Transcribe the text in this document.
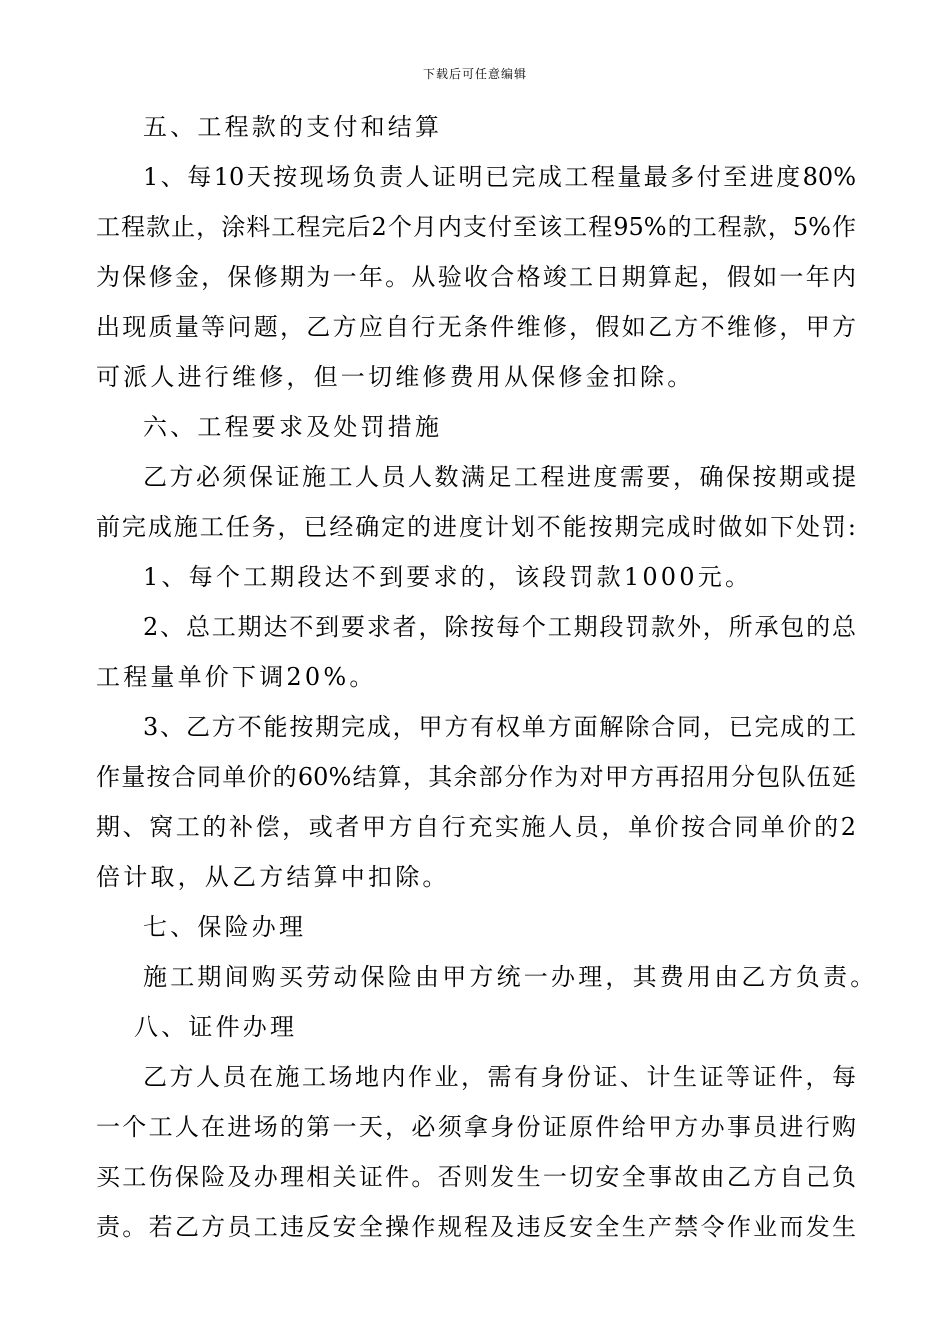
下载后可任意编辑
五、工程款的支付和结算
1、每10天按现场负责人证明已完成工程量最多付至进度80%
工程款止，涂料工程完后2个月内支付至该工程95%的工程款，5%作
为保修金，保修期为一年。从验收合格竣工日期算起，假如一年内
出现质量等问题，乙方应自行无条件维修，假如乙方不维修，甲方
可派人进行维修，但一切维修费用从保修金扣除。
六、工程要求及处罚措施
乙方必须保证施工人员人数满足工程进度需要，确保按期或提
前完成施工任务，已经确定的进度计划不能按期完成时做如下处罚:
1、每个工期段达不到要求的，该段罚款1000元。
2、总工期达不到要求者，除按每个工期段罚款外，所承包的总
工程量单价下调20%。
3、乙方不能按期完成，甲方有权单方面解除合同，已完成的工
作量按合同单价的60%结算，其余部分作为对甲方再招用分包队伍延
期、窝工的补偿，或者甲方自行充实施人员，单价按合同单价的2
倍计取，从乙方结算中扣除。
七、保险办理
施工期间购买劳动保险由甲方统一办理，其费用由乙方负责。
八、证件办理
乙方人员在施工场地内作业，需有身份证、计生证等证件，每
一个工人在进场的第一天，必须拿身份证原件给甲方办事员进行购
买工伤保险及办理相关证件。否则发生一切安全事故由乙方自己负
责。若乙方员工违反安全操作规程及违反安全生产禁令作业而发生
